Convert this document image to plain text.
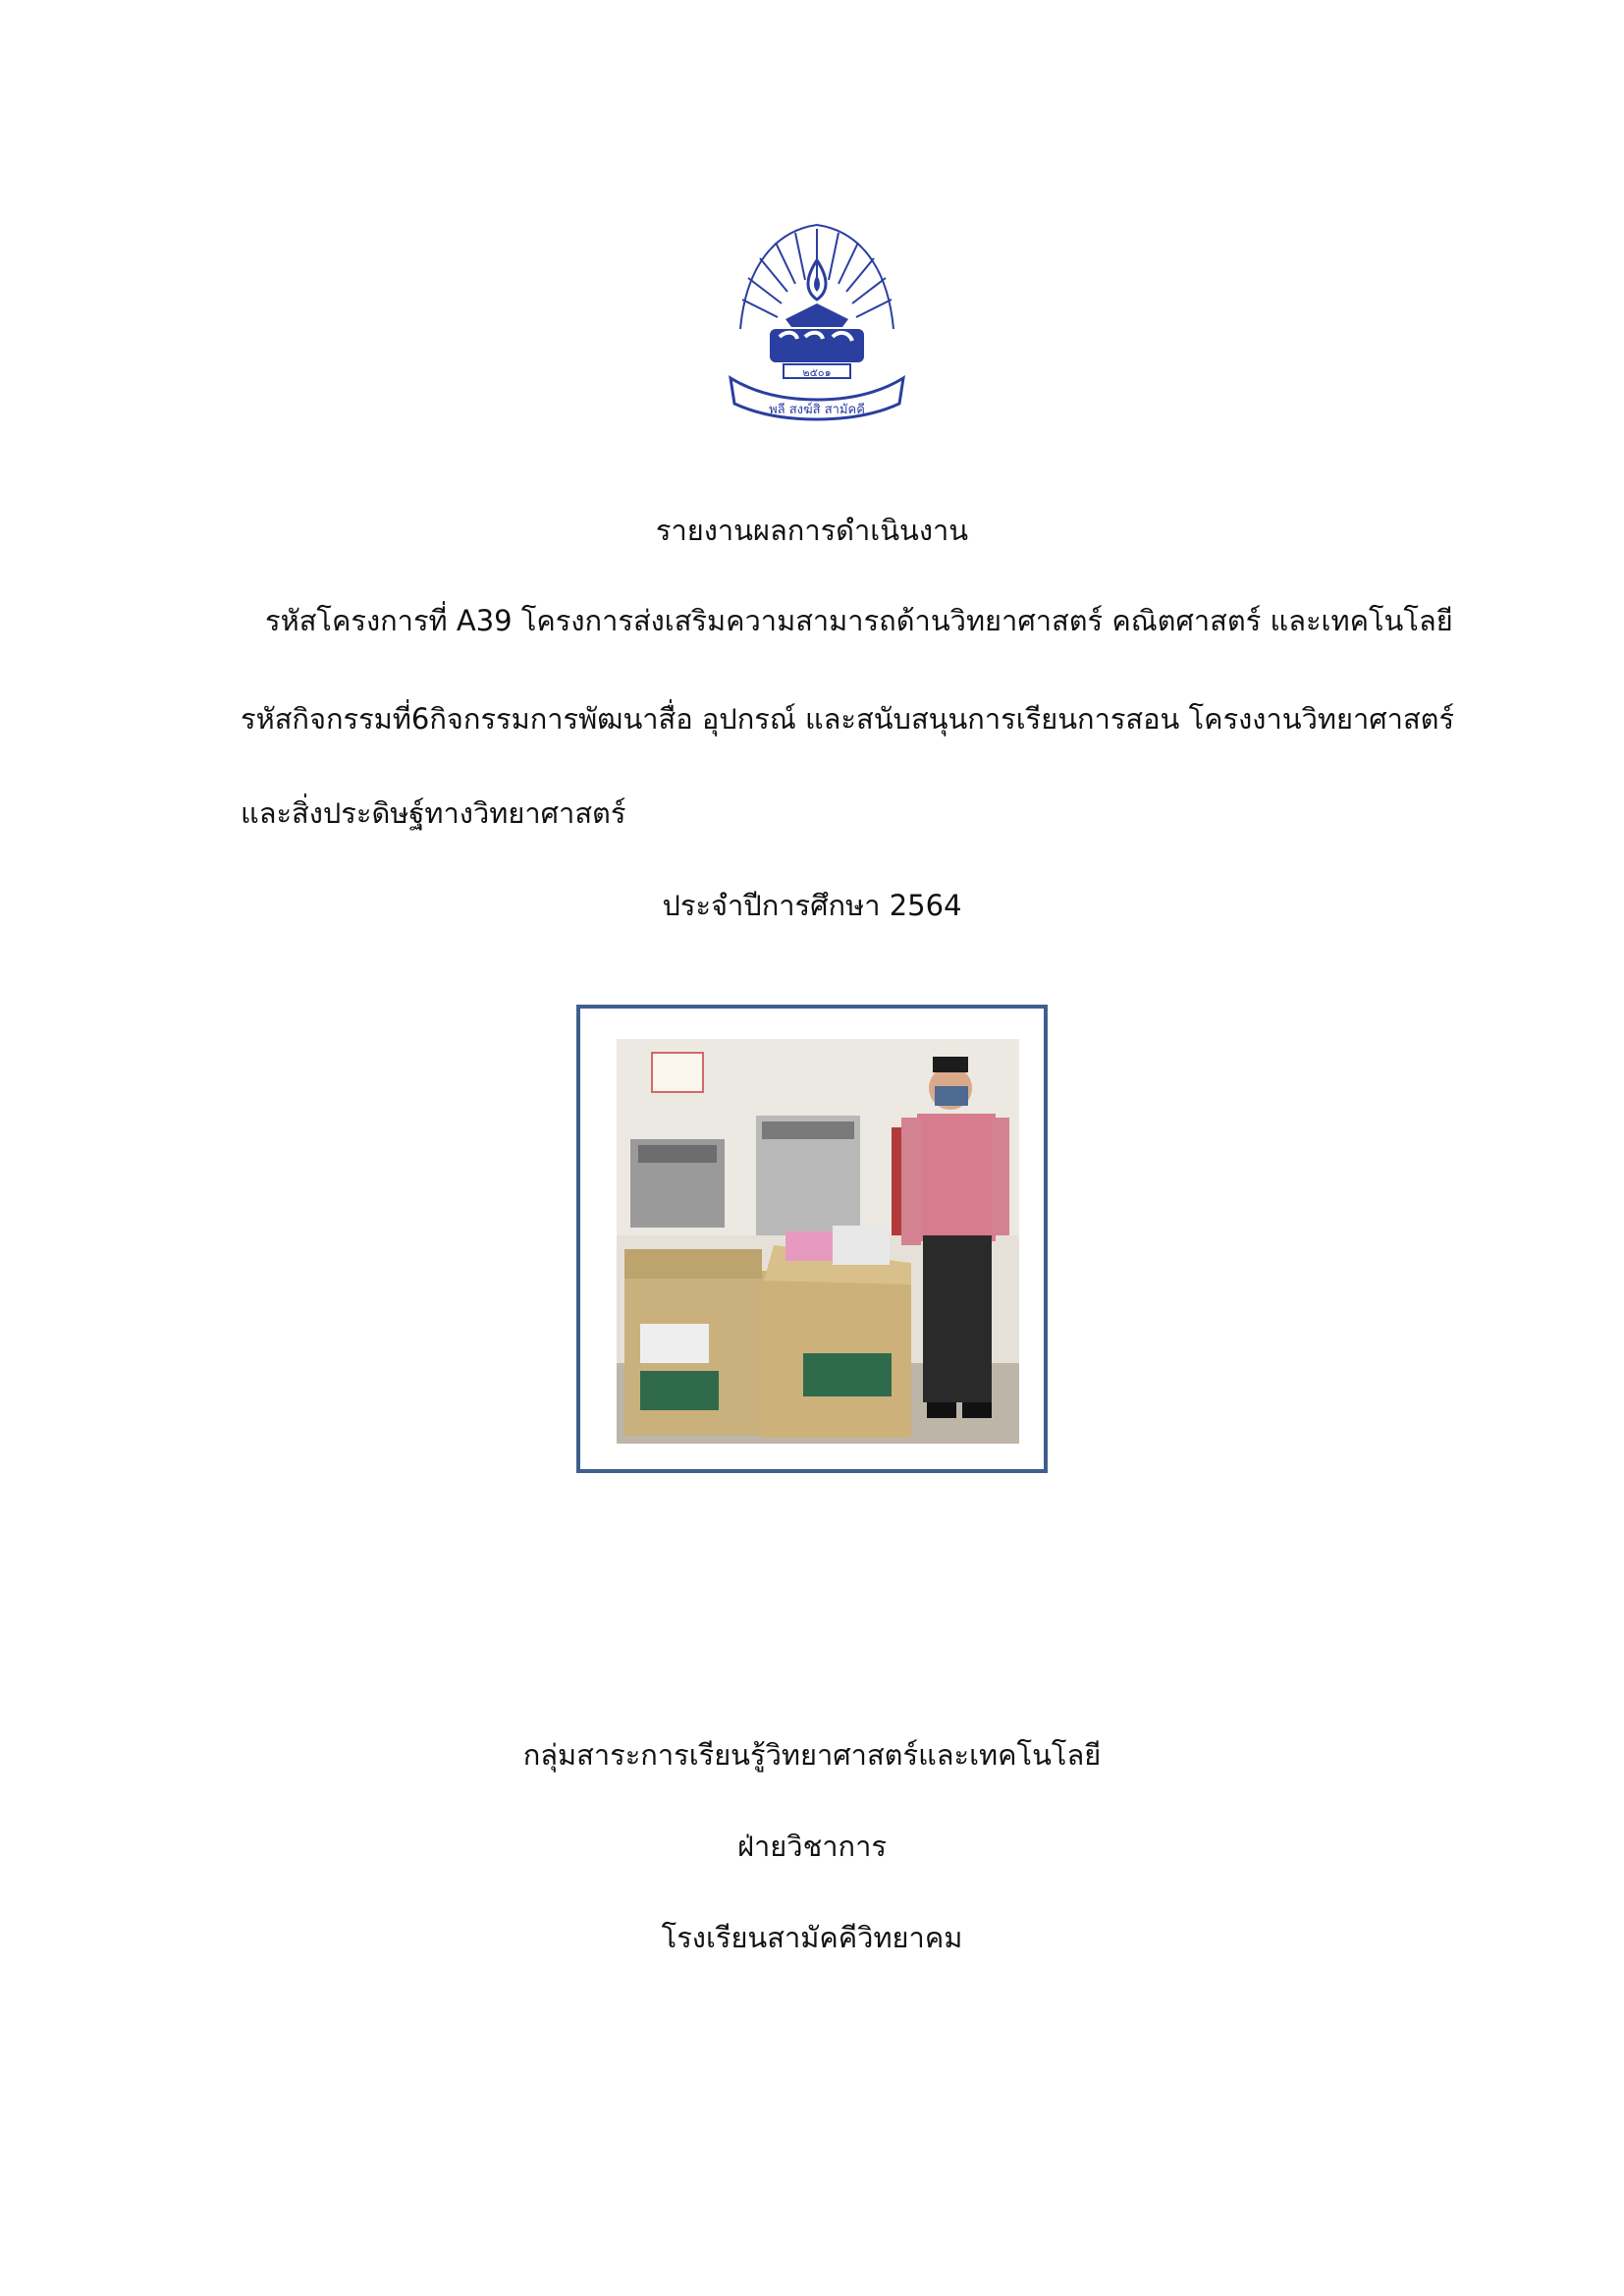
๒๕๐๑
พลี สงฆ์สิ สามัคคี
รายงานผลการดำเนินงาน
รหัสโครงการที่ A39 โครงการส่งเสริมความสามารถด้านวิทยาศาสตร์ คณิตศาสตร์ และเทคโนโลยี
รหัสกิจกรรมที่6กิจกรรมการพัฒนาสื่อ อุปกรณ์ และสนับสนุนการเรียนการสอน โครงงานวิทยาศาสตร์
และสิ่งประดิษฐ์ทางวิทยาศาสตร์
ประจำปีการศึกษา 2564
กลุ่มสาระการเรียนรู้วิทยาศาสตร์และเทคโนโลยี
ฝ่ายวิชาการ
โรงเรียนสามัคคีวิทยาคม
